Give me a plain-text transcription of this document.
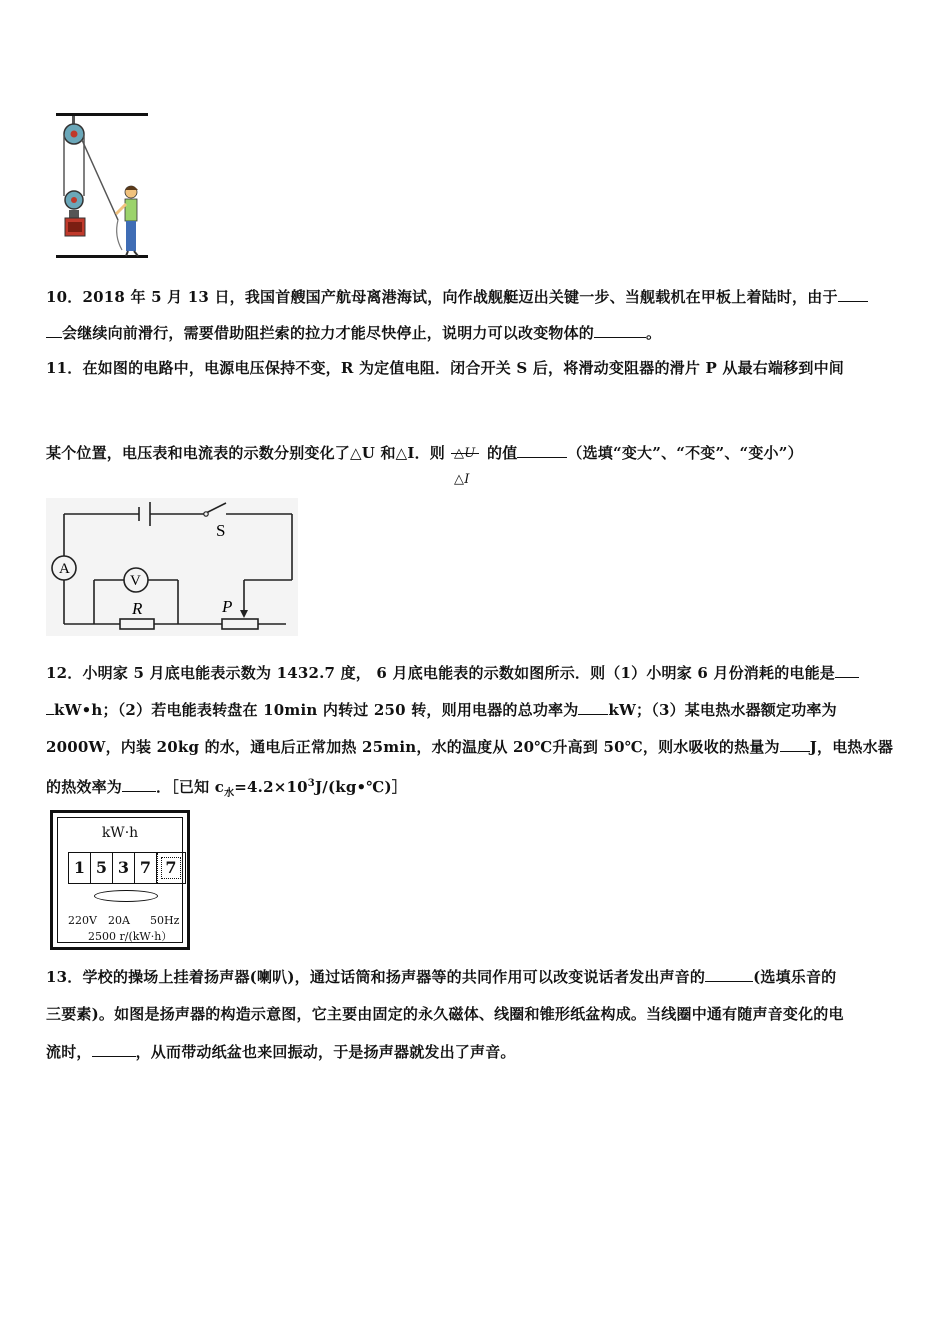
10．2018 年 5 月 13 日，我国首艘国产航母离港海试，向作战舰艇迈出关键一步、当舰载机在甲板上着陆时，由于
会继续向前滑行，需要借助阻拦索的拉力才能尽快停止，说明力可以改变物体的	。
11．在如图的电路中，电源电压保持不变，R 为定值电阻．闭合开关 S 后，将滑动变阻器的滑片 P 从最右端移到中间
某个位置，电压表和电流表的示数分别变化了△U 和△I．则 △U
△I
的值	（选填“变大”、“不变”、“变小”）
S
A
V
R	P
12．小明家 5 月底电能表示数为 1432.7 度， 6 月底电能表的示数如图所示．则（1）小明家 6 月份消耗的电能是
kW•h；（2）若电能表转盘在 10min 内转过 250 转，则用电器的总功率为 kW；（3）某电热水器额定功率为
2000W，内装 20kg 的水，通电后正常加热 25min，水的温度从 20℃升高到 50℃，则水吸收的热量为 J，电热水器
的热效率为 ．［已知 $c_水=4.2\times 10^3J/(kg•℃)]$
kW·h
1 5 3 7 7
220V 20A 50Hz
2500 r/(kW·h）
13．学校的操场上挂着扬声器(喇叭)，通过话筒和扬声器等的共同作用可以改变说话者发出声音的	(选填乐音的
三要素)。如图是扬声器的构造示意图，它主要由固定的永久磁体、线圈和锥形纸盆构成。当线圈中通有随声音变化的电
流时，	，从而带动纸盆也来回振动，于是扬声器就发出了声音。
